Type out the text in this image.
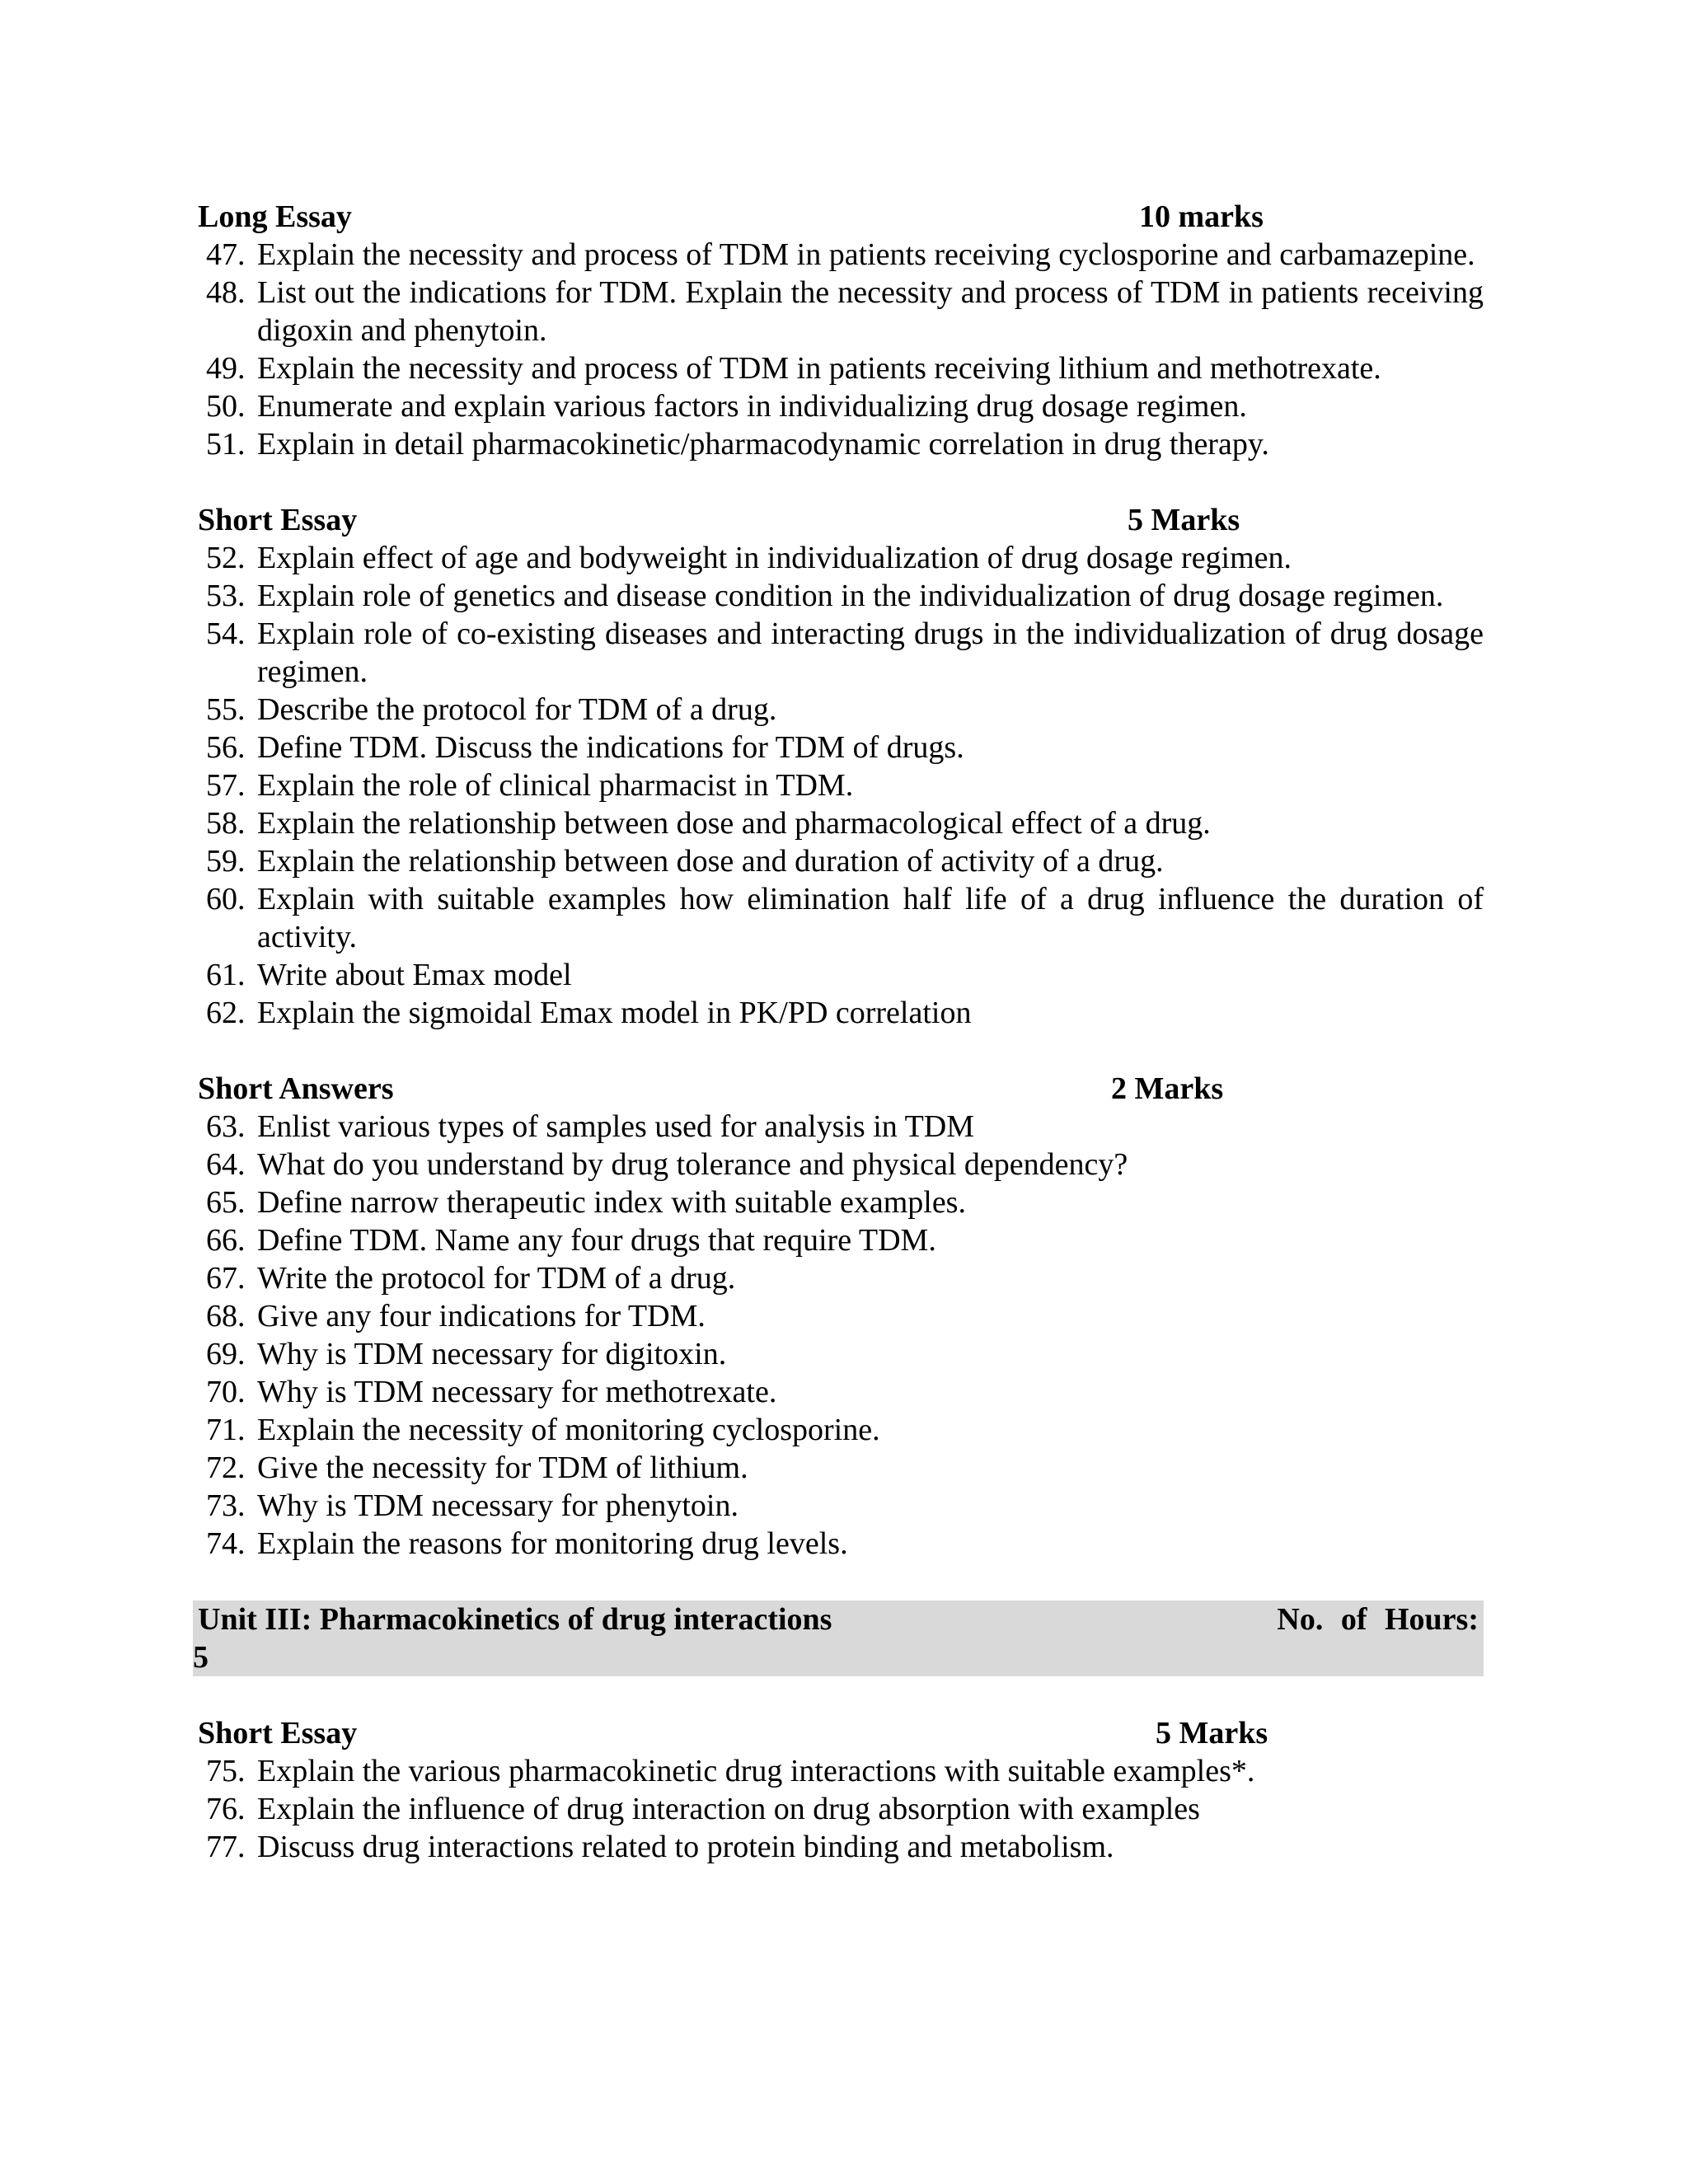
Long Essay	10 marks
47. Explain the necessity and process of TDM in patients receiving cyclosporine and carbamazepine.
48. List out the indications for TDM. Explain the necessity and process of TDM in patients receiving digoxin and phenytoin.
49. Explain the necessity and process of TDM in patients receiving lithium and methotrexate.
50. Enumerate and explain various factors in individualizing drug dosage regimen.
51. Explain in detail pharmacokinetic/pharmacodynamic correlation in drug therapy.
Short Essay	5 Marks
52. Explain effect of age and bodyweight in individualization of drug dosage regimen.
53. Explain role of genetics and disease condition in the individualization of drug dosage regimen.
54. Explain role of co-existing diseases and interacting drugs in the individualization of drug dosage regimen.
55. Describe the protocol for TDM of a drug.
56. Define TDM. Discuss the indications for TDM of drugs.
57. Explain the role of clinical pharmacist in TDM.
58. Explain the relationship between dose and pharmacological effect of a drug.
59. Explain the relationship between dose and duration of activity of a drug.
60. Explain with suitable examples how elimination half life of a drug influence the duration of activity.
61. Write about Emax model
62. Explain the sigmoidal Emax model in PK/PD correlation
Short Answers	2 Marks
63. Enlist various types of samples used for analysis in TDM
64. What do you understand by drug tolerance and physical dependency?
65. Define narrow therapeutic index with suitable examples.
66. Define TDM. Name any four drugs that require TDM.
67. Write the protocol for TDM of a drug.
68. Give any four indications for TDM.
69. Why is TDM necessary for digitoxin.
70. Why is TDM necessary for methotrexate.
71. Explain the necessity of monitoring cyclosporine.
72. Give the necessity for TDM of lithium.
73. Why is TDM necessary for phenytoin.
74. Explain the reasons for monitoring drug levels.
Unit III: Pharmacokinetics of drug interactions	No. of Hours:
5
Short Essay	5 Marks
75. Explain the various pharmacokinetic drug interactions with suitable examples*.
76. Explain the influence of drug interaction on drug absorption with examples
77. Discuss drug interactions related to protein binding and metabolism.
